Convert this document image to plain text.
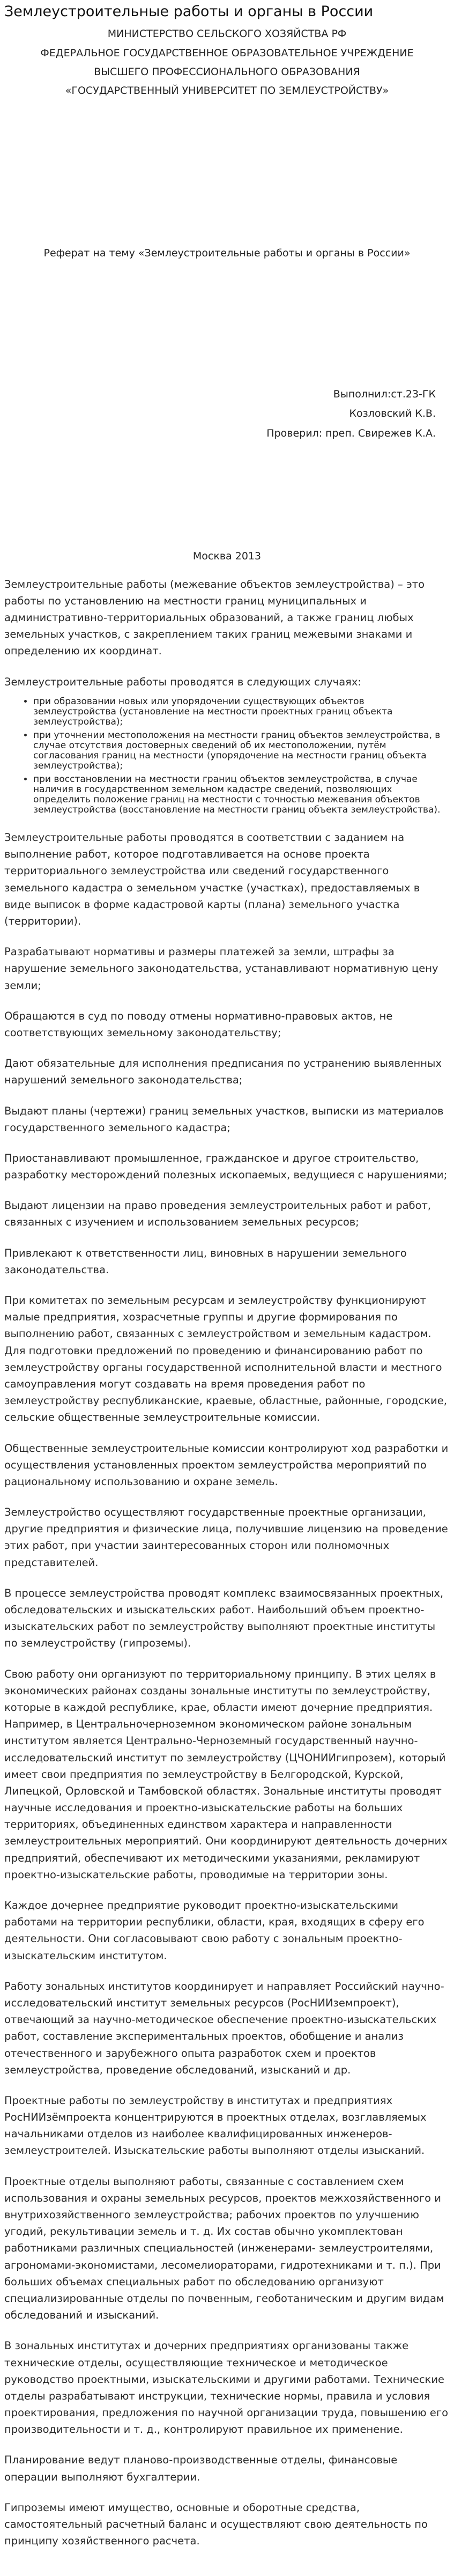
Землеустроительные работы и органы в России
МИНИСТЕРСТВО СЕЛЬСКОГО ХОЗЯЙСТВА РФ
ФЕДЕРАЛЬНОЕ ГОСУДАРСТВЕННОЕ ОБРАЗОВАТЕЛЬНОЕ УЧРЕЖДЕНИЕ
ВЫСШЕГО ПРОФЕССИОНАЛЬНОГО ОБРАЗОВАНИЯ
«ГОСУДАРСТВЕННЫЙ УНИВЕРСИТЕТ ПО ЗЕМЛЕУСТРОЙСТВУ»
Реферат на тему «Землеустроительные работы и органы в России»
Выполнил:ст.23-ГК
Козловский К.В.
Проверил: преп. Свирежев К.А.
Москва 2013

Землеустроительные работы (межевание объектов землеустройства) – это работы по установлению на местности границ муниципальных и административно-территориальных образований, а также границ любых земельных участков, с закреплением таких границ межевыми знаками и определению их координат.

Землеустроительные работы проводятся в следующих случаях:

• при образовании новых или упорядочении существующих объектов землеустройства (установление на местности проектных границ объекта землеустройства);
• при уточнении местоположения на местности границ объектов землеустройства, в случае отсутствия достоверных сведений об их местоположении, путём согласования границ на местности (упорядочение на местности границ объекта землеустройства);
• при восстановлении на местности границ объектов землеустройства, в случае наличия в государственном земельном кадастре сведений, позволяющих определить положение границ на местности с точностью межевания объектов землеустройства (восстановление на местности границ объекта землеустройства).

Землеустроительные работы проводятся в соответствии с заданием на выполнение работ, которое подготавливается на основе проекта территориального землеустройства или сведений государственного земельного кадастра о земельном участке (участках), предоставляемых в виде выписок в форме кадастровой карты (плана) земельного участка (территории).

Разрабатывают нормативы и размеры платежей за земли, штрафы за нарушение земельного законодательства, устанавливают нормативную цену земли;

Обращаются в суд по поводу отмены нормативно-правовых актов, не соответствующих земельному законодательству;

Дают обязательные для исполнения предписания по устранению выявленных нарушений земельного законодательства;

Выдают планы (чертежи) границ земельных участков, выписки из материалов государственного земельного кадастра;

Приостанавливают промышленное, гражданское и другое строительство, разработку месторождений полезных ископаемых, ведущиеся с нарушениями;

Выдают лицензии на право проведения землеустроительных работ и работ, связанных с изучением и использованием земельных ресурсов;

Привлекают к ответственности лиц, виновных в нарушении земельного законодательства.

При комитетах по земельным ресурсам и землеустройству функционируют малые предприятия, хозрасчетные группы и другие формирования по выполнению работ, связанных с землеустройством и земельным кадастром. Для подготовки предложений по проведению и финансированию работ по землеустройству органы государственной исполнительной власти и местного самоуправления могут создавать на время проведения работ по землеустройству республиканские, краевые, областные, районные, городские, сельские общественные землеустроительные комиссии.

Общественные землеустроительные комиссии контролируют ход разработки и осуществления установленных проектом землеустройства мероприятий по рациональному использованию и охране земель.

Землеустройство осуществляют государственные проектные организации, другие предприятия и физические лица, получившие лицензию на проведение этих работ, при участии заинтересованных сторон или полномочных представителей.

В процессе землеустройства проводят комплекс взаимосвязанных проектных, обследовательских и изыскательских работ. Наибольший объем проектно-изыскательских работ по землеустройству выполняют проектные институты по землеустройству (гипроземы).

Свою работу они организуют по территориальному принципу. В этих целях в экономических районах созданы зональные институты по землеустройству, которые в каждой республике, крае, области имеют дочерние предприятия. Например, в Центральночерноземном экономическом районе зональным институтом является Центрально-Черноземный государственный научно-исследовательский институт по землеустройству (ЦЧОНИИгипрозем), который имеет свои предприятия по землеустройству в Белгородской, Курской, Липецкой, Орловской и Тамбовской областях. Зональные институты проводят научные исследования и проектно-изыскательские работы на больших территориях, объединенных единством характера и направленности землеустроительных мероприятий. Они координируют деятельность дочерних предприятий, обеспечивают их методическими указаниями, рекламируют проектно-изыскательские работы, проводимые на территории зоны.

Каждое дочернее предприятие руководит проектно-изыскательскими работами на территории республики, области, края, входящих в сферу его деятельности. Они согласовывают свою работу с зональным проектно-изыскательским институтом.

Работу зональных институтов координирует и направляет Российский научно-исследовательский институт земельных ресурсов (РосНИИземпроект), отвечающий за научно-методическое обеспечение проектно-изыскательских работ, составление экспериментальных проектов, обобщение и анализ отечественного и зарубежного опыта разработок схем и проектов землеустройства, проведение обследований, изысканий и др.

Проектные работы по землеустройству в институтах и предприятиях РосНИИзёмпроекта концентрируются в проектных отделах, возглавляемых начальниками отделов из наиболее квалифицированных инженеров-землеустроителей. Изыскательские работы выполняют отделы изысканий.

Проектные отделы выполняют работы, связанные с составлением схем использования и охраны земельных ресурсов, проектов межхозяйственного и внутрихозяйственного землеустройства; рабочих проектов по улучшению угодий, рекультивации земель и т. д. Их состав обычно укомплектован работниками различных специальностей (инженерами- землеустроителями, агрономами-экономистами, лесомелиораторами, гидротехниками и т. п.). При больших объемах специальных работ по обследованию организуют специализированные отделы по почвенным, геоботаническим и другим видам обследований и изысканий.

В зональных институтах и дочерних предприятиях организованы также технические отделы, осуществляющие техническое и методическое руководство проектными, изыскательскими и другими работами. Технические отделы разрабатывают инструкции, технические нормы, правила и условия проектирования, предложения по научной организации труда, повышению его производительности и т. д., контролируют правильное их применение.

Планирование ведут планово-производственные отделы, финансовые операции выполняют бухгалтерии.

Гипроземы имеют имущество, основные и оборотные средства, самостоятельный расчетный баланс и осуществляют свою деятельность по принципу хозяйственного расчета.
